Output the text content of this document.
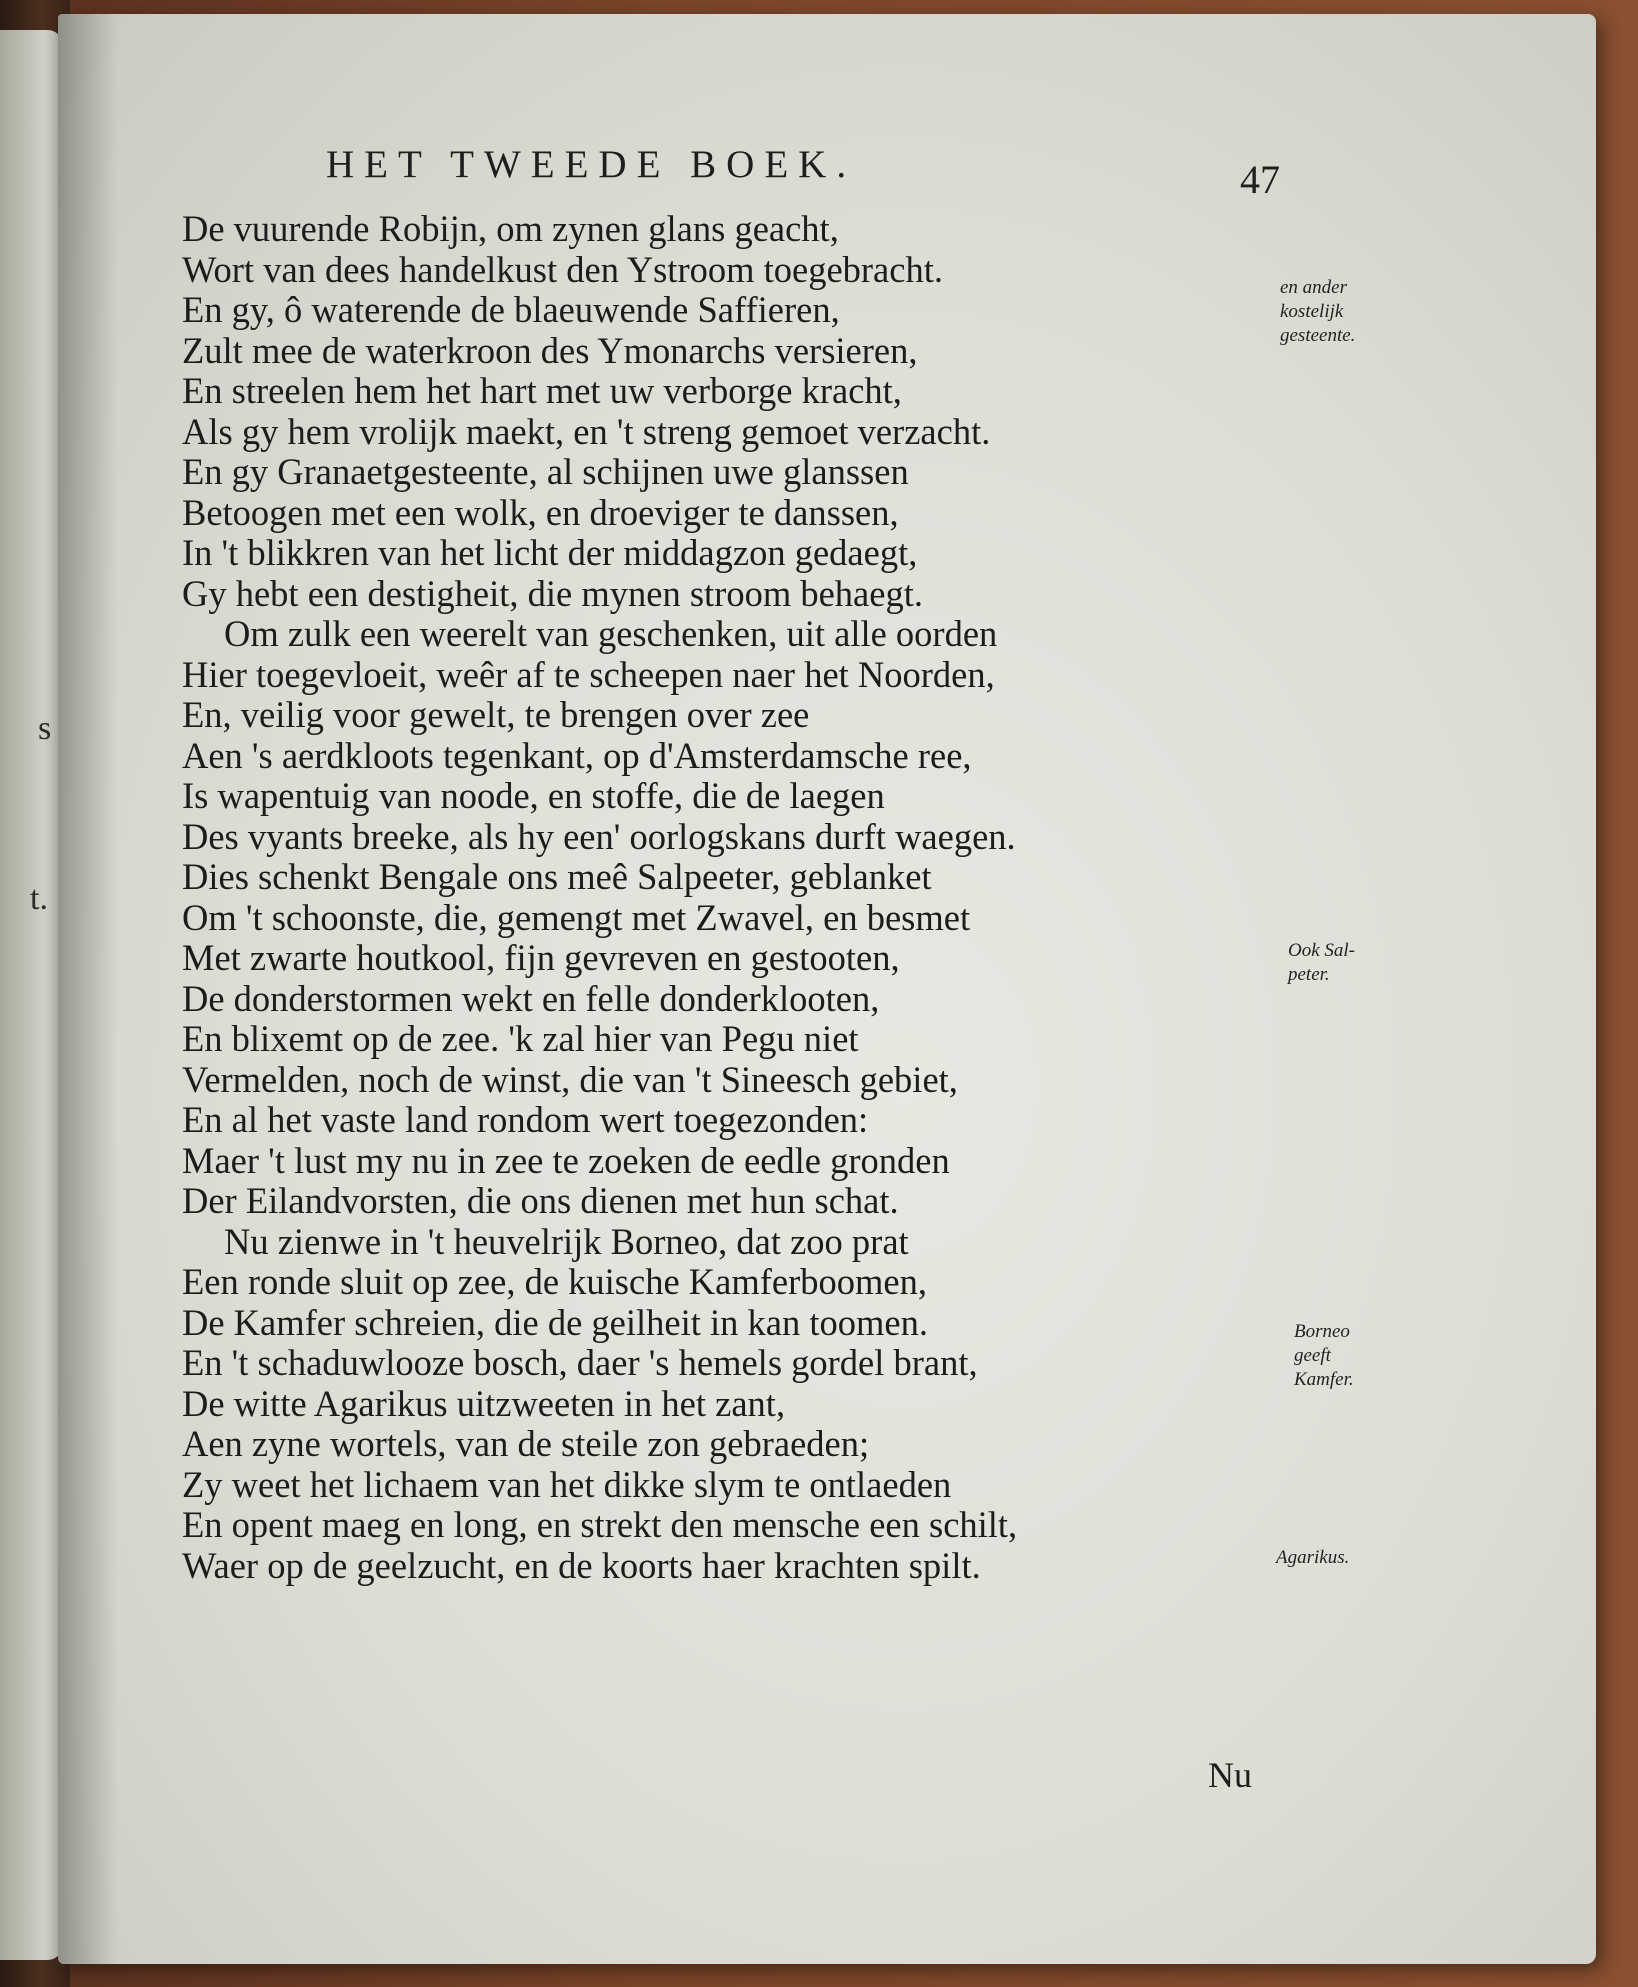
s
t.
HET TWEEDE BOEK.	47
De vuurende Robijn, om zynen glans geacht,
Wort van dees handelkust den Ystroom toegebracht.
En gy, ô waterende de blaeuwende Saffieren,
Zult mee de waterkroon des Ymonarchs versieren,
En streelen hem het hart met uw verborge kracht,
Als gy hem vrolijk maekt, en 't streng gemoet verzacht.
En gy Granaetgesteente, al schijnen uwe glanssen
Betoogen met een wolk, en droeviger te danssen,
In 't blikkren van het licht der middagzon gedaegt,
Gy hebt een destigheit, die mynen stroom behaegt.
Om zulk een weerelt van geschenken, uit alle oorden
Hier toegevloeit, weêr af te scheepen naer het Noorden,
En, veilig voor gewelt, te brengen over zee
Aen 's aerdkloots tegenkant, op d'Amsterdamsche ree,
Is wapentuig van noode, en stoffe, die de laegen
Des vyants breeke, als hy een' oorlogskans durft waegen.
Dies schenkt Bengale ons meê Salpeeter, geblanket
Om 't schoonste, die, gemengt met Zwavel, en besmet
Met zwarte houtkool, fijn gevreven en gestooten,
De donderstormen wekt en felle donderklooten,
En blixemt op de zee. 'k zal hier van Pegu niet
Vermelden, noch de winst, die van 't Sineesch gebiet,
En al het vaste land rondom wert toegezonden:
Maer 't lust my nu in zee te zoeken de eedle gronden
Der Eilandvorsten, die ons dienen met hun schat.
Nu zienwe in 't heuvelrijk Borneo, dat zoo prat
Een ronde sluit op zee, de kuische Kamferboomen,
De Kamfer schreien, die de geilheit in kan toomen.
En 't schaduwlooze bosch, daer 's hemels gordel brant,
De witte Agarikus uitzweeten in het zant,
Aen zyne wortels, van de steile zon gebraeden;
Zy weet het lichaem van het dikke slym te ontlaeden
En opent maeg en long, en strekt den mensche een schilt,
Waer op de geelzucht, en de koorts haer krachten spilt.
en ander
kostelijk
gesteente.
Ook Sal-
peter.
Borneo
geeft
Kamfer.
Agarikus.
Nu
